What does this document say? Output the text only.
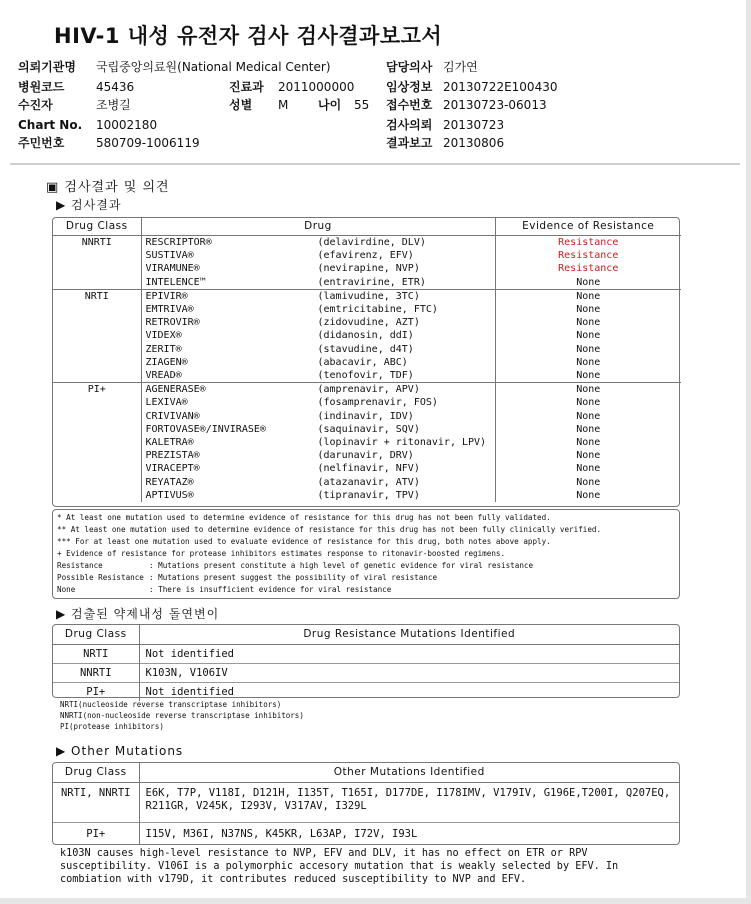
HIV-1 내성 유전자 검사 검사결과보고서
의뢰기관명 국립중앙의료원(National Medical Center)
병원코드	45436	진료과 2011000000
수진자	조병길	성별 M 나이 55
Chart No. 10002180
주민번호	580709-1006119
담당의사 김가연
임상정보 20130722E100430
접수번호 20130723-06013
검사의뢰 20130723
결과보고 20130806
▣ 검사결과 및 의견
▶ 검사결과
Drug Class	Drug	Evidence of Resistance
NNRTI	RESCRIPTOR® (delavirdine, DLV)	Resistance
	SUSTIVA® (efavirenz, EFV)	Resistance
	VIRAMUNE® (nevirapine, NVP)	Resistance
	INTELENCE™ (entravirine, ETR)	None
NRTI	EPIVIR® (lamivudine, 3TC)	None
	EMTRIVA® (emtricitabine, FTC)	None
	RETROVIR® (zidovudine, AZT)	None
	VIDEX® (didanosin, ddI)	None
	ZERIT® (stavudine, d4T)	None
	ZIAGEN® (abacavir, ABC)	None
	VREAD® (tenofovir, TDF)	None
PI+	AGENERASE® (amprenavir, APV)	None
	LEXIVA® (fosamprenavir, FOS)	None
	CRIVIVAN® (indinavir, IDV)	None
	FORTOVASE®/INVIRASE® (saquinavir, SQV)	None
	KALETRA® (lopinavir + ritonavir, LPV)	None
	PREZISTA® (darunavir, DRV)	None
	VIRACEPT® (nelfinavir, NFV)	None
	REYATAZ® (atazanavir, ATV)	None
	APTIVUS® (tipranavir, TPV)	None
* At least one mutation used to determine evidence of resistance for this drug has not been fully validated.
** At least one mutation used to determine evidence of resistance for this drug has not been fully clinically verified.
*** For at least one mutation used to evaluate evidence of resistance for this drug, both notes above apply.
+ Evidence of resistance for protease inhibitors estimates response to ritonavir-boosted regimens.
Resistance	: Mutations present constitute a high level of genetic evidence for viral resistance
Possible Resistance : Mutations present suggest the possibility of viral resistance
None	: There is insufficient evidence for viral resistance
▶ 검출된 약제내성 돌연변이
Drug Class	Drug Resistance Mutations Identified
NRTI	Not identified
NNRTI	K103N, V106IV
PI+	Not identified
NRTI(nucleoside reverse transcriptase inhibitors)
NNRTI(non-nucleoside reverse transcriptase inhibitors)
PI(protease inhibitors)
▶ Other Mutations
Drug Class	Other Mutations Identified
NRTI, NNRTI	E6K, T7P, V118I, D121H, I135T, T165I, D177DE, I178IMV, V179IV, G196E,T200I, Q207EQ, R211GR, V245K, I293V, V317AV, I329L
PI+	I15V, M36I, N37NS, K45KR, L63AP, I72V, I93L
k103N causes high-level resistance to NVP, EFV and DLV, it has no effect on ETR or RPV susceptibility. V106I is a polymorphic accesory mutation that is weakly selected by EFV. In combiation with v179D, it contributes reduced susceptibility to NVP and EFV.
